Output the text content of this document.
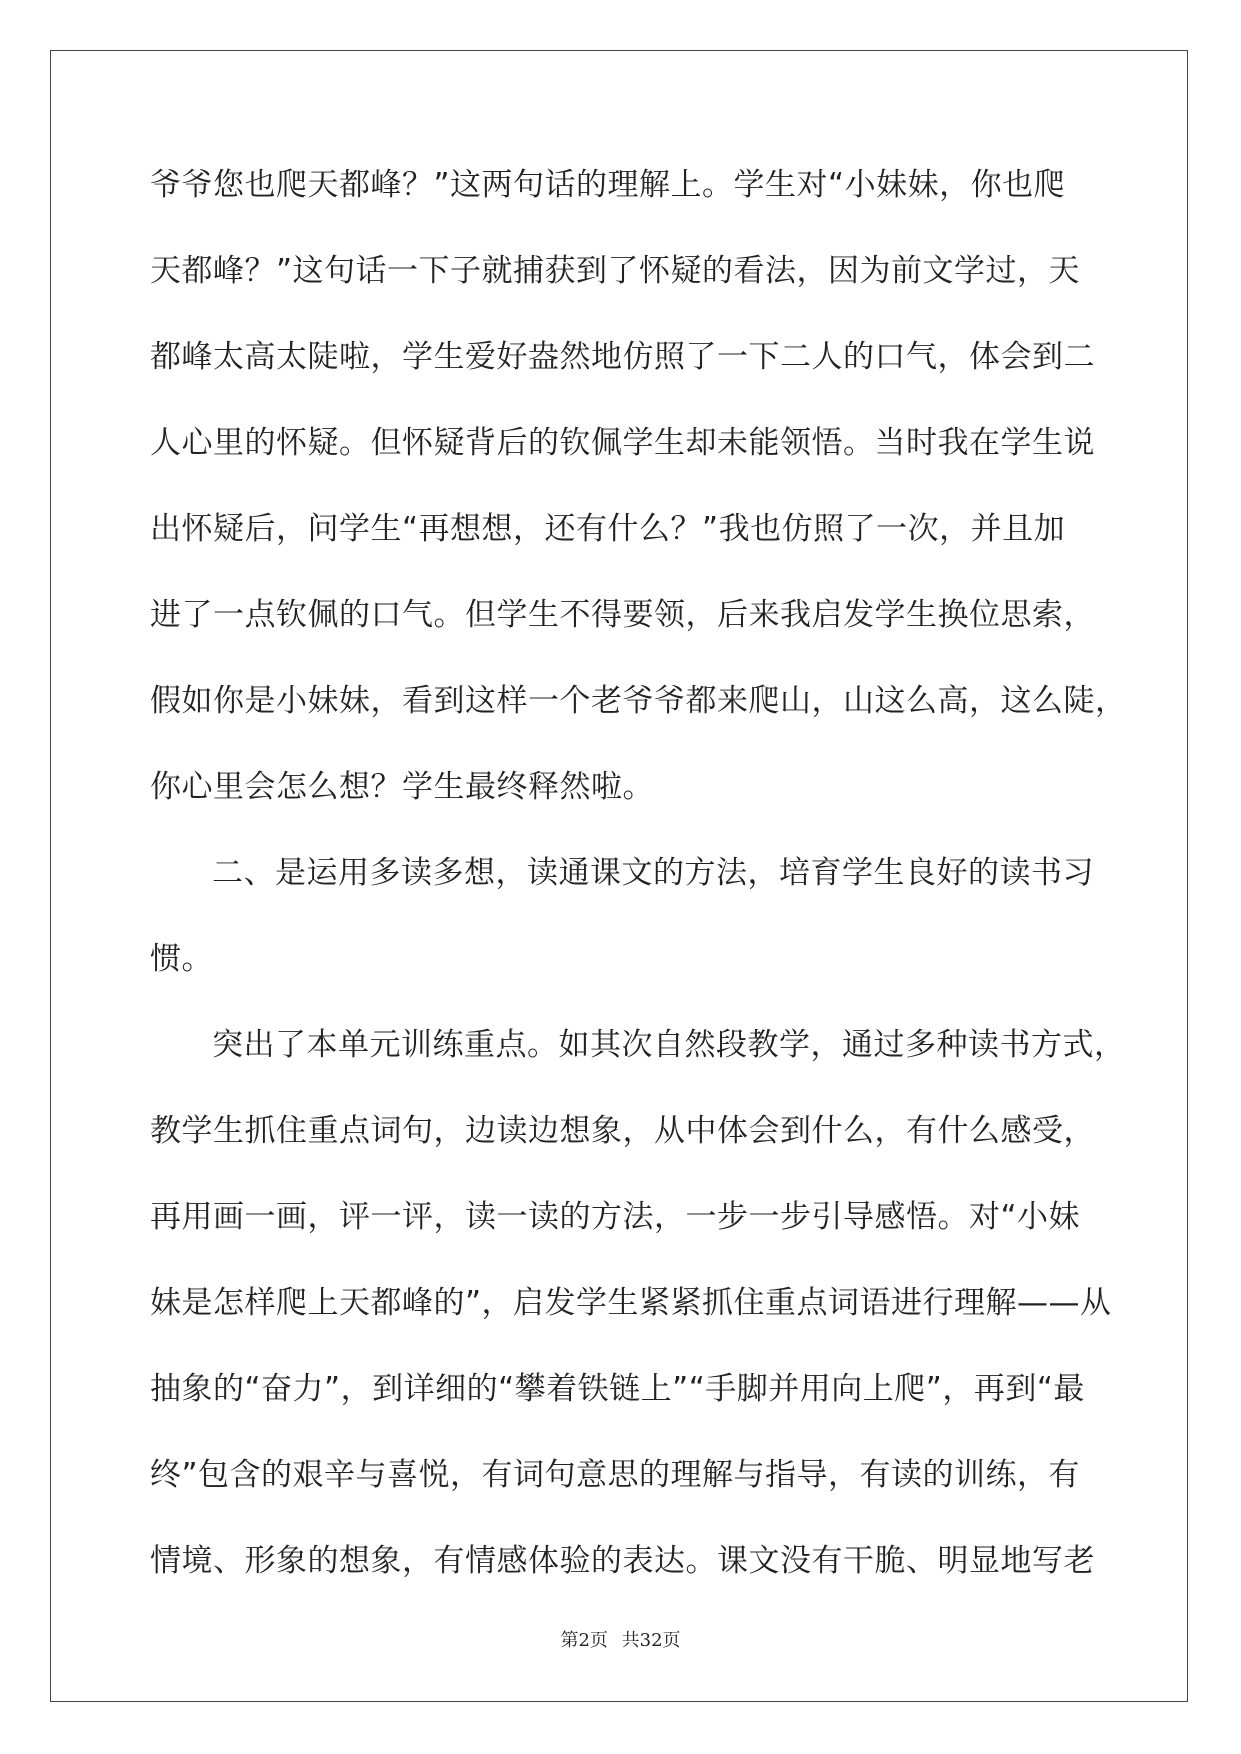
爷爷您也爬天都峰？”这两句话的理解上。学生对“小妹妹，你也爬

天都峰？”这句话一下子就捕获到了怀疑的看法，因为前文学过，天

都峰太高太陡啦，学生爱好盎然地仿照了一下二人的口气，体会到二

人心里的怀疑。但怀疑背后的钦佩学生却未能领悟。当时我在学生说

出怀疑后，问学生“再想想，还有什么？”我也仿照了一次，并且加

进了一点钦佩的口气。但学生不得要领，后来我启发学生换位思索，

假如你是小妹妹，看到这样一个老爷爷都来爬山，山这么高，这么陡，

你心里会怎么想？学生最终释然啦。

二、是运用多读多想，读通课文的方法，培育学生良好的读书习

惯。

突出了本单元训练重点。如其次自然段教学，通过多种读书方式，

教学生抓住重点词句，边读边想象，从中体会到什么，有什么感受，

再用画一画，评一评，读一读的方法，一步一步引导感悟。对“小妹

妹是怎样爬上天都峰的”，启发学生紧紧抓住重点词语进行理解——从

抽象的“奋力”，到详细的“攀着铁链上”“手脚并用向上爬”，再到“最

终”包含的艰辛与喜悦，有词句意思的理解与指导，有读的训练，有

情境、形象的想象，有情感体验的表达。课文没有干脆、明显地写老

第2页 共32页
